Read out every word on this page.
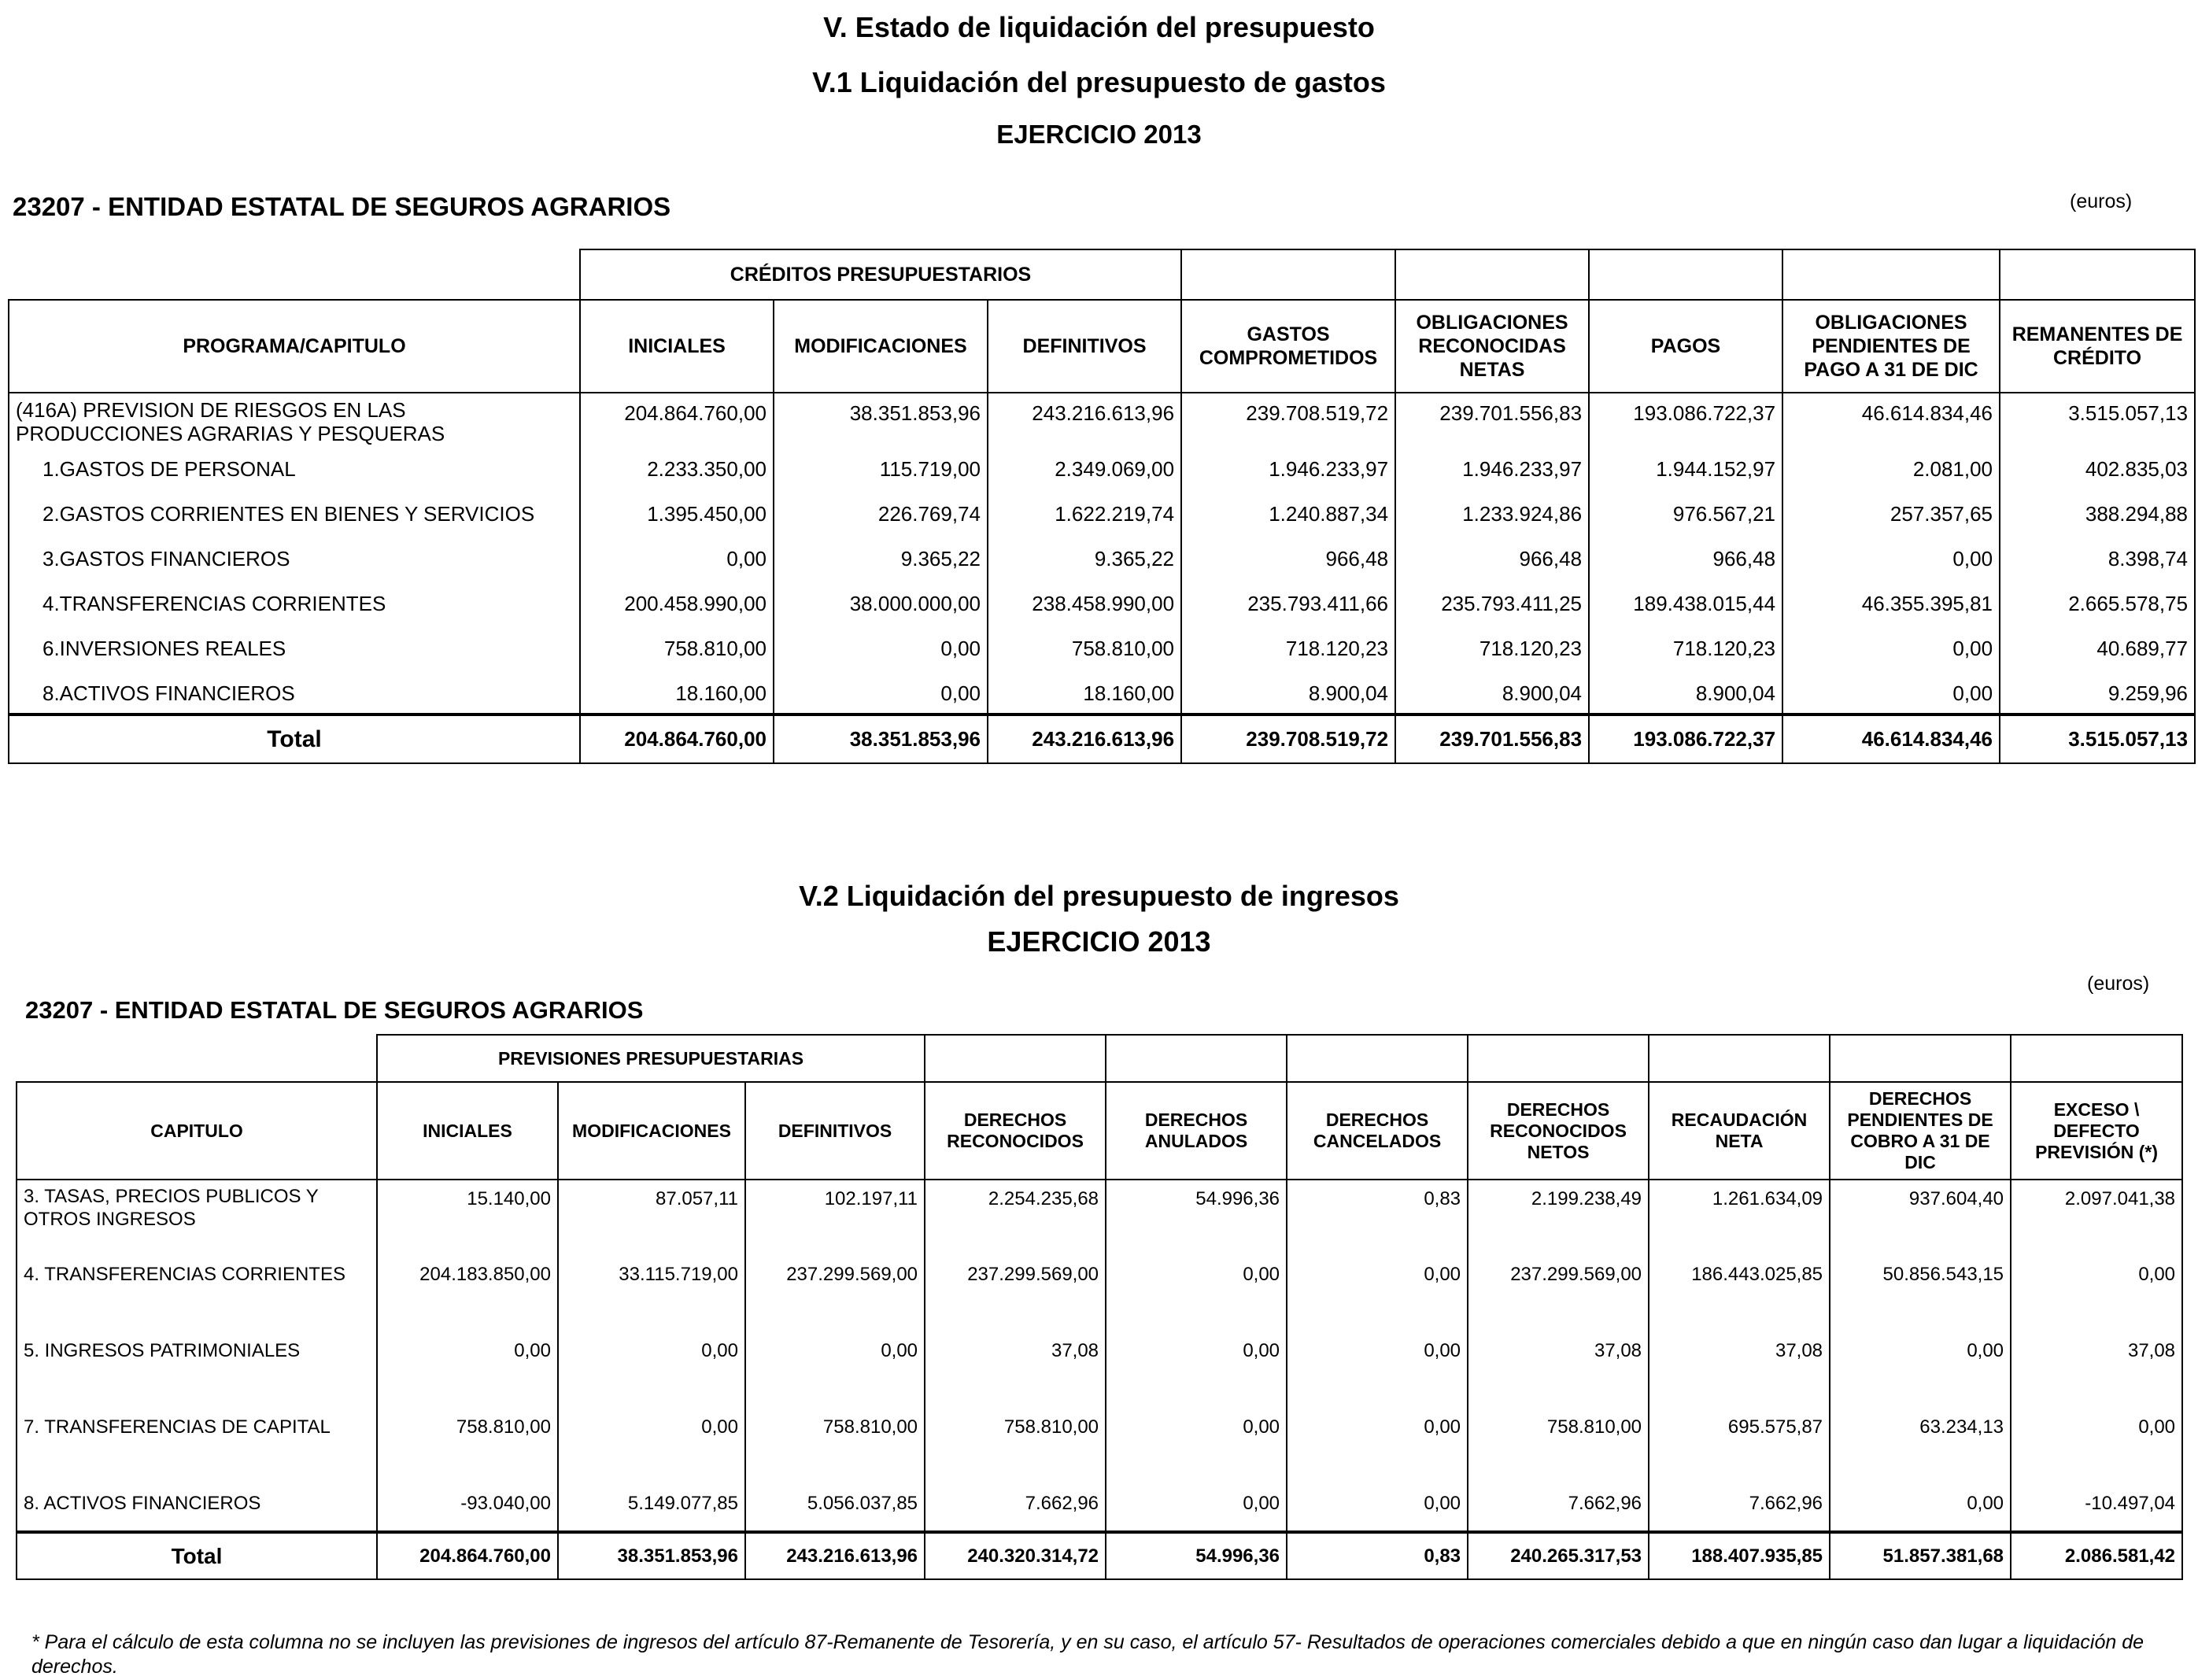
V. Estado de liquidación del presupuesto
V.1 Liquidación del presupuesto de gastos
EJERCICIO 2013
23207 - ENTIDAD ESTATAL DE SEGUROS AGRARIOS	(euros)
	CRÉDITOS PRESUPUESTARIOS							
PROGRAMA/CAPITULO	INICIALES	MODIFICACIONES	DEFINITIVOS	GASTOS COMPROMETIDOS	OBLIGACIONES RECONOCIDAS NETAS	PAGOS	OBLIGACIONES PENDIENTES DE PAGO A 31 DE DIC	REMANENTES DE CRÉDITO
(416A) PREVISION DE RIESGOS EN LAS PRODUCCIONES AGRARIAS Y PESQUERAS	204.864.760,00	38.351.853,96	243.216.613,96	239.708.519,72	239.701.556,83	193.086.722,37	46.614.834,46	3.515.057,13
1.GASTOS DE PERSONAL	2.233.350,00	115.719,00	2.349.069,00	1.946.233,97	1.946.233,97	1.944.152,97	2.081,00	402.835,03
2.GASTOS CORRIENTES EN BIENES Y SERVICIOS	1.395.450,00	226.769,74	1.622.219,74	1.240.887,34	1.233.924,86	976.567,21	257.357,65	388.294,88
3.GASTOS FINANCIEROS	0,00	9.365,22	9.365,22	966,48	966,48	966,48	0,00	8.398,74
4.TRANSFERENCIAS CORRIENTES	200.458.990,00	38.000.000,00	238.458.990,00	235.793.411,66	235.793.411,25	189.438.015,44	46.355.395,81	2.665.578,75
6.INVERSIONES REALES	758.810,00	0,00	758.810,00	718.120,23	718.120,23	718.120,23	0,00	40.689,77
8.ACTIVOS FINANCIEROS	18.160,00	0,00	18.160,00	8.900,04	8.900,04	8.900,04	0,00	9.259,96
Total	204.864.760,00	38.351.853,96	243.216.613,96	239.708.519,72	239.701.556,83	193.086.722,37	46.614.834,46	3.515.057,13
V.2 Liquidación del presupuesto de ingresos
EJERCICIO 2013
(euros)
23207 - ENTIDAD ESTATAL DE SEGUROS AGRARIOS
	PREVISIONES PRESUPUESTARIAS									
CAPITULO	INICIALES	MODIFICACIONES	DEFINITIVOS	DERECHOS RECONOCIDOS	DERECHOS ANULADOS	DERECHOS CANCELADOS	DERECHOS RECONOCIDOS NETOS	RECAUDACIÓN NETA	DERECHOS PENDIENTES DE COBRO A 31 DE DIC	EXCESO \ DEFECTO PREVISIÓN (*)
3. TASAS, PRECIOS PUBLICOS Y OTROS INGRESOS	15.140,00	87.057,11	102.197,11	2.254.235,68	54.996,36	0,83	2.199.238,49	1.261.634,09	937.604,40	2.097.041,38
4. TRANSFERENCIAS CORRIENTES	204.183.850,00	33.115.719,00	237.299.569,00	237.299.569,00	0,00	0,00	237.299.569,00	186.443.025,85	50.856.543,15	0,00
5. INGRESOS PATRIMONIALES	0,00	0,00	0,00	37,08	0,00	0,00	37,08	37,08	0,00	37,08
7. TRANSFERENCIAS DE CAPITAL	758.810,00	0,00	758.810,00	758.810,00	0,00	0,00	758.810,00	695.575,87	63.234,13	0,00
8. ACTIVOS FINANCIEROS	-93.040,00	5.149.077,85	5.056.037,85	7.662,96	0,00	0,00	7.662,96	7.662,96	0,00	-10.497,04
Total	204.864.760,00	38.351.853,96	243.216.613,96	240.320.314,72	54.996,36	0,83	240.265.317,53	188.407.935,85	51.857.381,68	2.086.581,42
* Para el cálculo de esta columna no se incluyen las previsiones de ingresos del artículo 87-Remanente de Tesorería, y en su caso, el artículo 57- Resultados de operaciones comerciales debido a que en ningún caso dan lugar a liquidación de derechos.
